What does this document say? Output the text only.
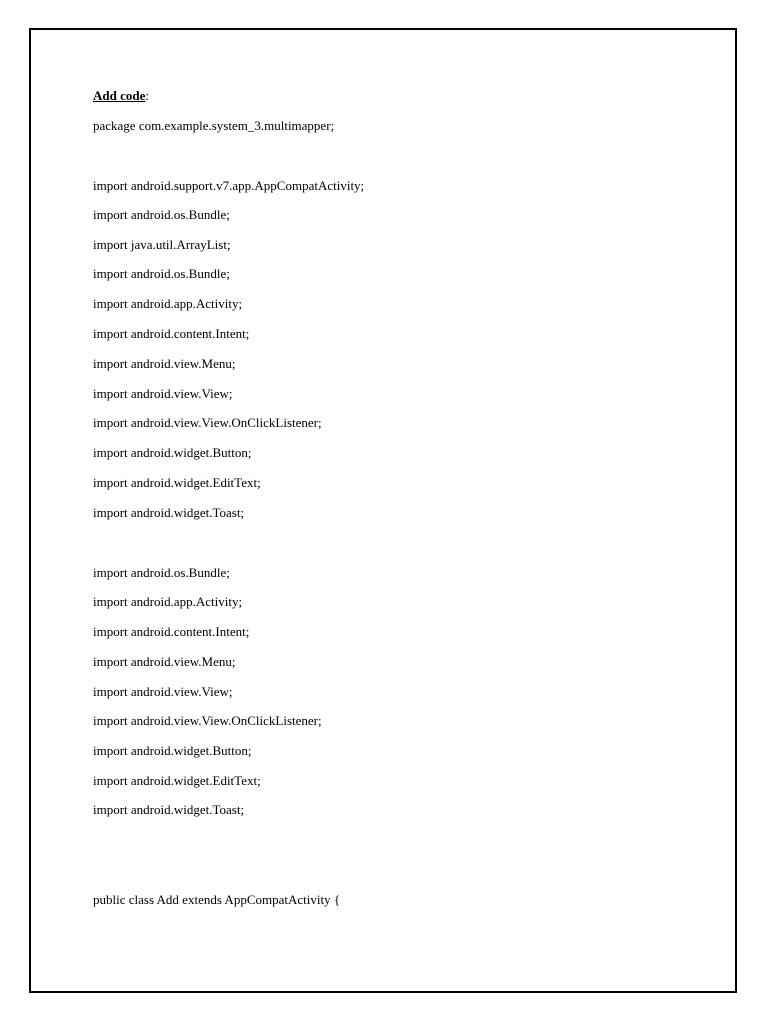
Add code:
package com.example.system_3.multimapper;
import android.support.v7.app.AppCompatActivity;
import android.os.Bundle;
import java.util.ArrayList;
import android.os.Bundle;
import android.app.Activity;
import android.content.Intent;
import android.view.Menu;
import android.view.View;
import android.view.View.OnClickListener;
import android.widget.Button;
import android.widget.EditText;
import android.widget.Toast;
import android.os.Bundle;
import android.app.Activity;
import android.content.Intent;
import android.view.Menu;
import android.view.View;
import android.view.View.OnClickListener;
import android.widget.Button;
import android.widget.EditText;
import android.widget.Toast;
public class Add extends AppCompatActivity {
